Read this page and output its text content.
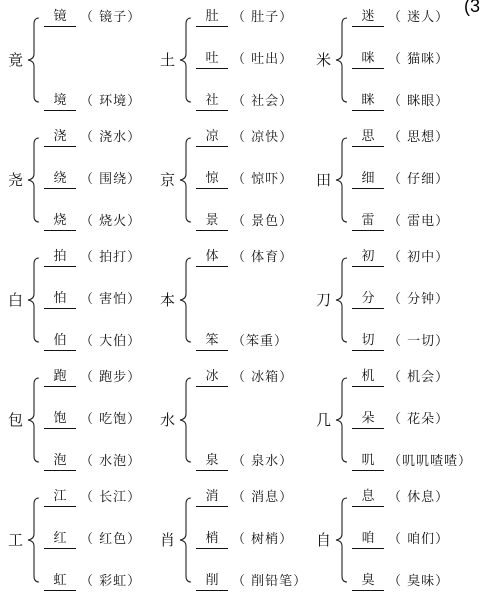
(3
竟
镜	（ 镜子）
境	（ 环境）
土
肚	（ 肚子）
吐	（ 吐出）
社	（ 社会）
米
迷	（ 迷人）
咪	（ 猫咪）
眯	（ 眯眼）
尧
浇	（ 浇水）
绕	（ 围绕）
烧	（ 烧火）
京
凉	（ 凉快）
惊	（ 惊吓）
景	（ 景色）
田
思	（ 思想）
细	（ 仔细）
雷	（ 雷电）
白
拍	（ 拍打）
怕	（ 害怕）
伯	（ 大伯）
本
体	（ 体育）
笨	（笨重）
刀
初	（ 初中）
分	（ 分钟）
切	（ 一切）
包
跑	（ 跑步）
饱	（ 吃饱）
泡	（ 水泡）
水
冰	（ 冰箱）
泉	（ 泉水）
几
机	（ 机会）
朵	（ 花朵）
叽	（叽叽喳喳）
工
江	（ 长江）
红	（ 红色）
虹	（ 彩虹）
肖
消	（ 消息）
梢	（ 树梢）
削	（ 削铅笔）
自
息	（ 休息）
咱	（ 咱们）
臭	（ 臭味）
